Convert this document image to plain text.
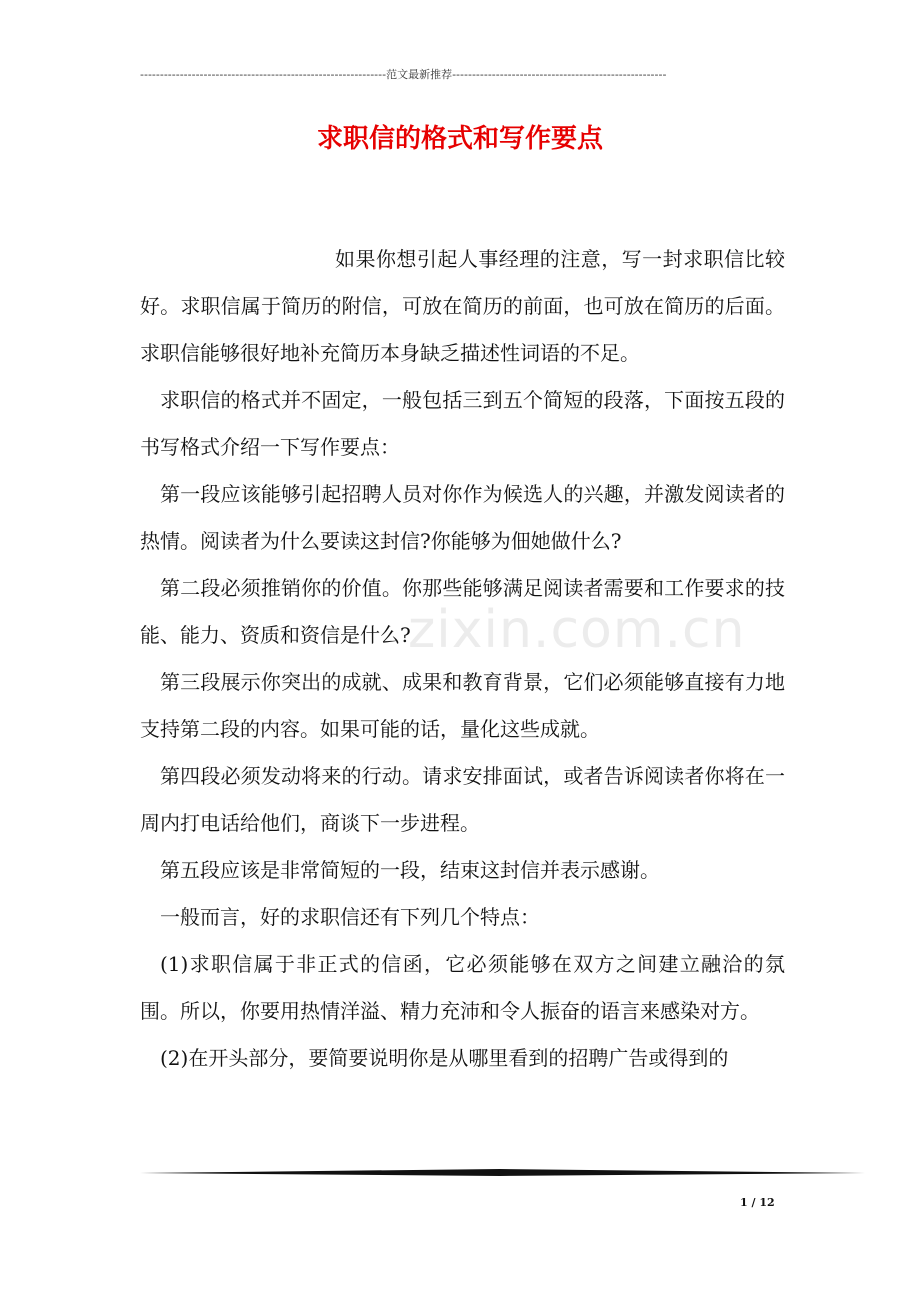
--------------------------------------------------------------范文最新推荐------------------------------------------------------
求职信的格式和写作要点
zixin.com.cn

如果你想引起人事经理的注意，写一封求职信比较好。求职信属于简历的附信，可放在简历的前面，也可放在简历的后面。求职信能够很好地补充简历本身缺乏描述性词语的不足。

求职信的格式并不固定，一般包括三到五个简短的段落，下面按五段的书写格式介绍一下写作要点：

第一段应该能够引起招聘人员对你作为候选人的兴趣，并激发阅读者的热情。阅读者为什么要读这封信?你能够为佃她做什么?

第二段必须推销你的价值。你那些能够满足阅读者需要和工作要求的技能、能力、资质和资信是什么?

第三段展示你突出的成就、成果和教育背景，它们必须能够直接有力地支持第二段的内容。如果可能的话，量化这些成就。

第四段必须发动将来的行动。请求安排面试，或者告诉阅读者你将在一周内打电话给他们，商谈下一步进程。

第五段应该是非常简短的一段，结束这封信并表示感谢。

一般而言，好的求职信还有下列几个特点：

(1)求职信属于非正式的信函，它必须能够在双方之间建立融洽的氛围。所以，你要用热情洋溢、精力充沛和令人振奋的语言来感染对方。

(2)在开头部分，要简要说明你是从哪里看到的招聘广告或得到的

1 / 12
